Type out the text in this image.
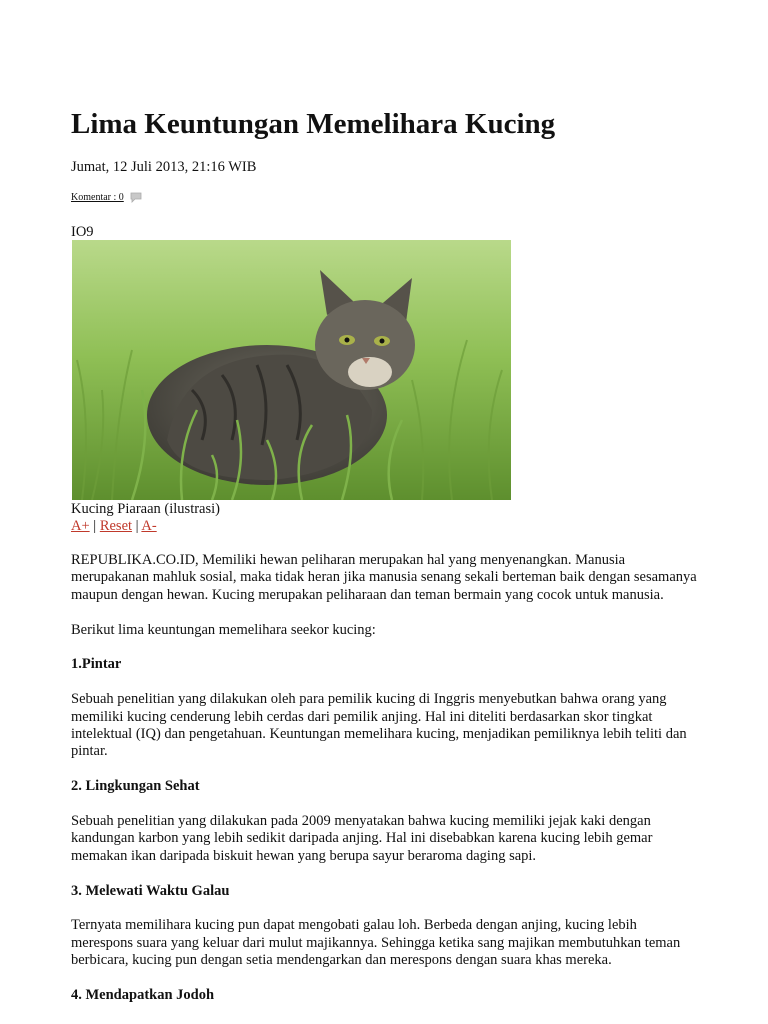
Lima Keuntungan Memelihara Kucing
Jumat, 12 Juli 2013, 21:16 WIB
Komentar : 0
IO9
Kucing Piaraan (ilustrasi)
A+ | Reset | A-

REPUBLIKA.CO.ID, Memiliki hewan peliharan merupakan hal yang menyenangkan. Manusia merupakanan mahluk sosial, maka tidak heran jika manusia senang sekali berteman baik dengan sesamanya maupun dengan hewan. Kucing merupakan peliharaan dan teman bermain yang cocok untuk manusia.

Berikut lima keuntungan memelihara seekor kucing:

1.Pintar

Sebuah penelitian yang dilakukan oleh para pemilik kucing di Inggris menyebutkan bahwa orang yang memiliki kucing cenderung lebih cerdas dari pemilik anjing. Hal ini diteliti berdasarkan skor tingkat intelektual (IQ) dan pengetahuan. Keuntungan memelihara kucing, menjadikan pemiliknya lebih teliti dan pintar.

2. Lingkungan Sehat

Sebuah penelitian yang dilakukan pada 2009 menyatakan bahwa kucing memiliki jejak kaki dengan kandungan karbon yang lebih sedikit daripada anjing. Hal ini disebabkan karena kucing lebih gemar memakan ikan daripada biskuit hewan yang berupa sayur beraroma daging sapi.

3. Melewati Waktu Galau

Ternyata memilihara kucing pun dapat mengobati galau loh. Berbeda dengan anjing, kucing lebih merespons suara yang keluar dari mulut majikannya. Sehingga ketika sang majikan membutuhkan teman berbicara, kucing pun dengan setia mendengarkan dan merespons dengan suara khas mereka.

4. Mendapatkan Jodoh
